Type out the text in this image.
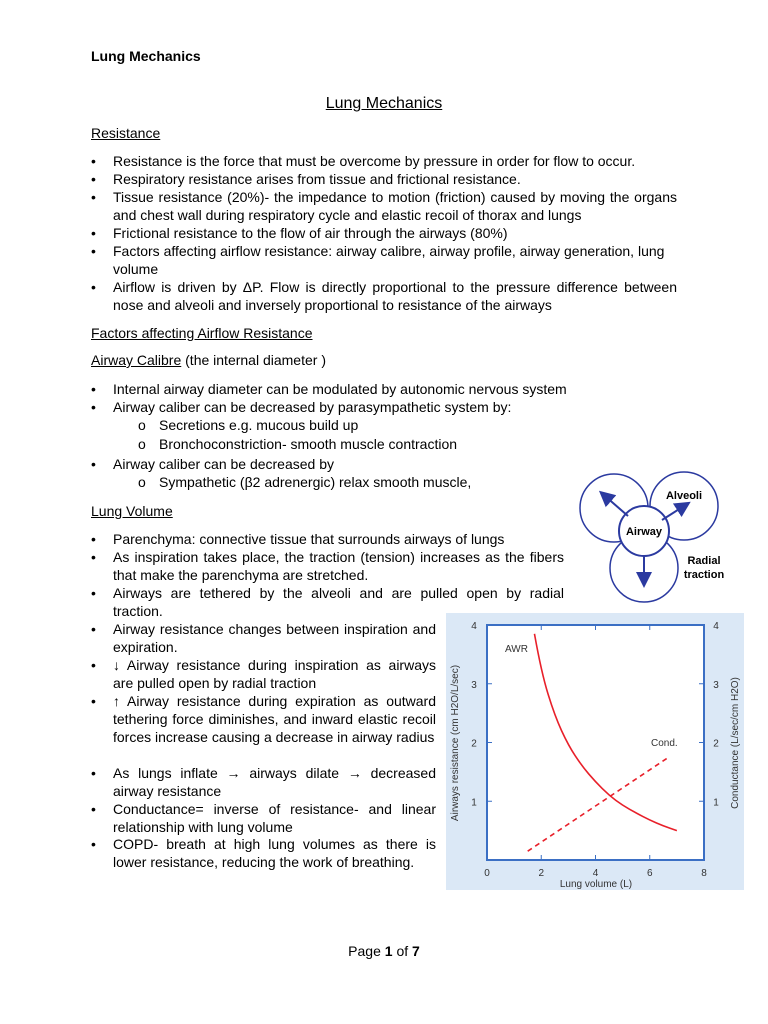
Lung Mechanics
Lung Mechanics
Resistance
• Resistance is the force that must be overcome by pressure in order for flow to occur.
• Respiratory resistance arises from tissue and frictional resistance.
• Tissue resistance (20%)- the impedance to motion (friction) caused by moving the organs and chest wall during respiratory cycle and elastic recoil of thorax and lungs
• Frictional resistance to the flow of air through the airways (80%)
• Factors affecting airflow resistance: airway calibre, airway profile, airway generation, lung volume
• Airflow is driven by ΔP. Flow is directly proportional to the pressure difference between nose and alveoli and inversely proportional to resistance of the airways
Factors affecting Airflow Resistance
Airway Calibre (the internal diameter )
• Internal airway diameter can be modulated by autonomic nervous system
• Airway caliber can be decreased by parasympathetic system by:
o Secretions e.g. mucous build up
o Bronchoconstriction- smooth muscle contraction
• Airway caliber can be decreased by
o Sympathetic (β2 adrenergic) relax smooth muscle,
Lung Volume
• Parenchyma: connective tissue that surrounds airways of lungs
• As inspiration takes place, the traction (tension) increases as the fibers that make the parenchyma are stretched.
• Airways are tethered by the alveoli and are pulled open by radial traction.
• Airway resistance changes between inspiration and expiration.
• ↓ Airway resistance during inspiration as airways are pulled open by radial traction
• ↑ Airway resistance during expiration as outward tethering force diminishes, and inward elastic recoil forces increase causing a decrease in airway radius
• As lungs inflate → airways dilate → decreased airway resistance
• Conductance= inverse of resistance- and linear relationship with lung volume
• COPD- breath at high lung volumes as there is lower resistance, reducing the work of breathing.
Airway
Alveoli
Radial
traction
0	2	4	6	8
1
2
3
4
1
2
3
4
AWR
Cond.
Lung volume (L)
Airways resistance (cm H2O/L/sec)	Conductance (L/sec/cm H2O)
Page 1 of 7
